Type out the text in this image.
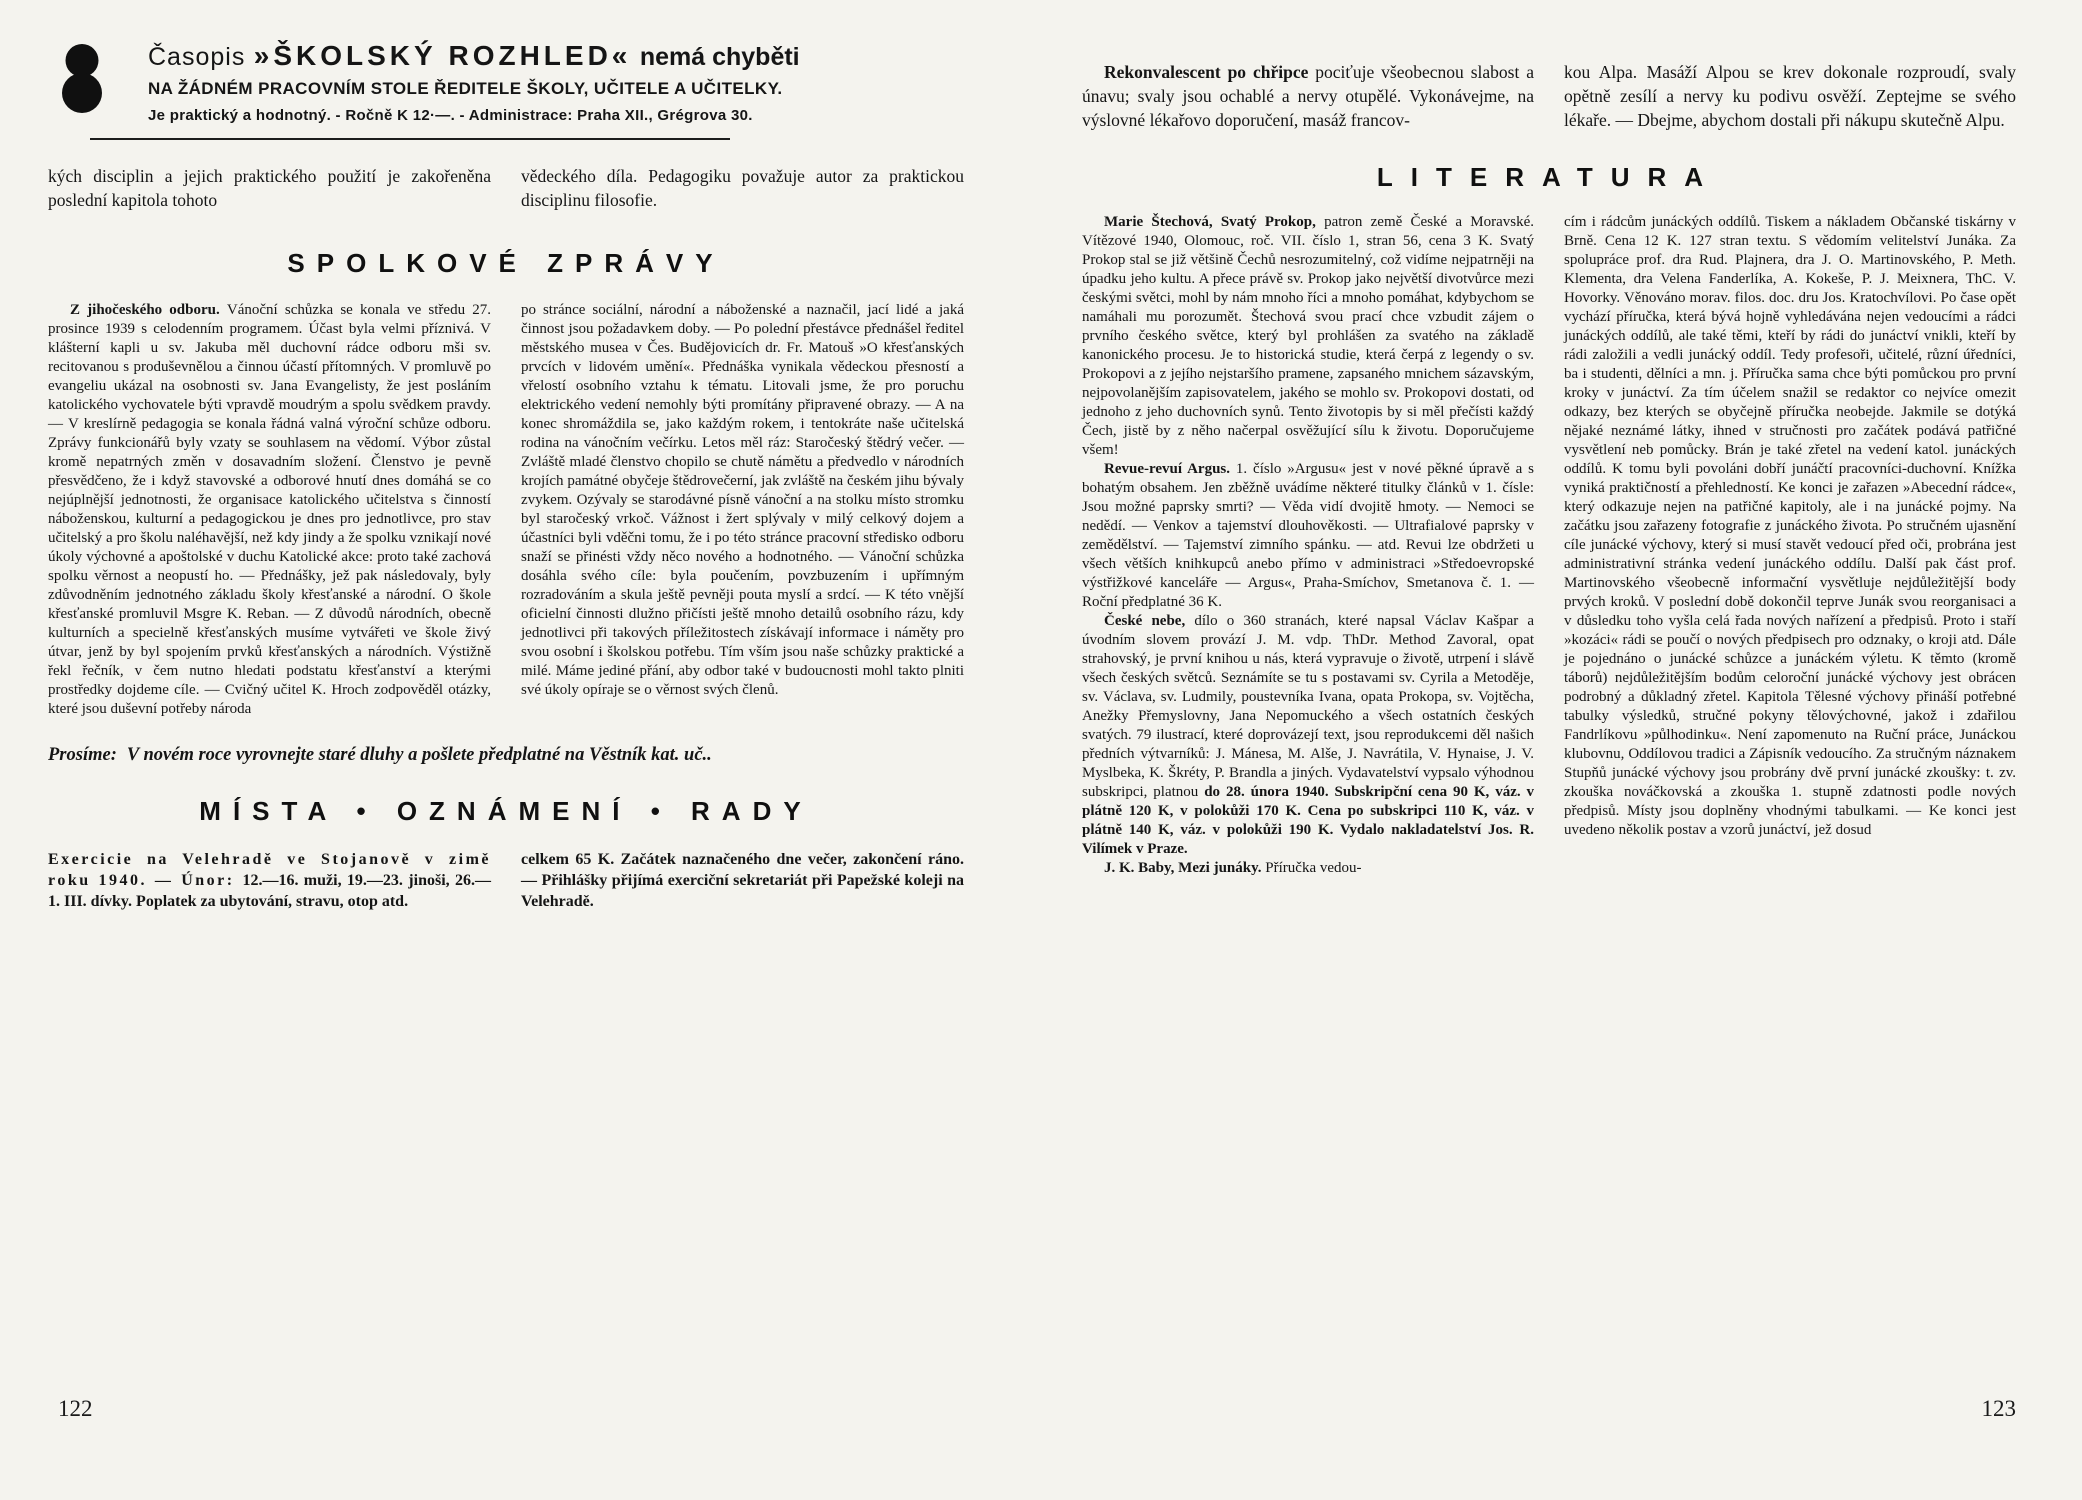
Časopis »ŠKOLSKÝ ROZHLED« nemá chyběti
NA ŽÁDNÉM PRACOVNÍM STOLE ŘEDITELE ŠKOLY, UČITELE A UČITELKY.
Je praktický a hodnotný. - Ročně K 12·—. - Administrace: Praha XII., Grégrova 30.

kých disciplin a jejich praktického použití je zakořeněna poslední kapitola tohoto

vědeckého díla. Pedagogiku považuje autor za praktickou disciplinu filosofie.

SPOLKOVÉ ZPRÁVY

Z jihočeského odboru. Vánoční schůzka se konala ve středu 27. prosince 1939 s celodenním programem. Účast byla velmi příznivá. V klášterní kapli u sv. Jakuba měl duchovní rádce odboru mši sv. recitovanou s produševnělou a činnou účastí přítomných. V promluvě po evangeliu ukázal na osobnosti sv. Jana Evangelisty, že jest posláním katolického vychovatele býti vpravdě moudrým a spolu svědkem pravdy. — V kreslírně pedagogia se konala řádná valná výroční schůze odboru. Zprávy funkcionářů byly vzaty se souhlasem na vědomí. Výbor zůstal kromě nepatrných změn v dosavadním složení. Členstvo je pevně přesvědčeno, že i když stavovské a odborové hnutí dnes domáhá se co nejúplnější jednotnosti, že organisace katolického učitelstva s činností náboženskou, kulturní a pedagogickou je dnes pro jednotlivce, pro stav učitelský a pro školu naléhavější, než kdy jindy a že spolku vznikají nové úkoly výchovné a apoštolské v duchu Katolické akce: proto také zachová spolku věrnost a neopustí ho. — Přednášky, jež pak následovaly, byly zdůvodněním jednotného základu školy křesťanské a národní. O škole křesťanské promluvil Msgre K. Reban. — Z důvodů národních, obecně kulturních a specielně křesťanských musíme vytvářeti ve škole živý útvar, jenž by byl spojením prvků křesťanských a národních. Výstižně řekl řečník, v čem nutno hledati podstatu křesťanství a kterými prostředky dojdeme cíle. — Cvičný učitel K. Hroch zodpověděl otázky, které jsou duševní potřeby národa

po stránce sociální, národní a náboženské a naznačil, jací lidé a jaká činnost jsou požadavkem doby. — Po polední přestávce přednášel ředitel městského musea v Čes. Budějovicích dr. Fr. Matouš »O křesťanských prvcích v lidovém umění«. Přednáška vynikala vědeckou přesností a vřelostí osobního vztahu k tématu. Litovali jsme, že pro poruchu elektrického vedení nemohly býti promítány připravené obrazy. — A na konec shromáždila se, jako každým rokem, i tentokráte naše učitelská rodina na vánočním večírku. Letos měl ráz: Staročeský štědrý večer. — Zvláště mladé členstvo chopilo se chutě námětu a předvedlo v národních krojích památné obyčeje štědrovečerní, jak zvláště na českém jihu bývaly zvykem. Ozývaly se starodávné písně vánoční a na stolku místo stromku byl staročeský vrkoč. Vážnost i žert splývaly v milý celkový dojem a účastníci byli vděčni tomu, že i po této stránce pracovní středisko odboru snaží se přinésti vždy něco nového a hodnotného. — Vánoční schůzka dosáhla svého cíle: byla poučením, povzbuzením i upřímným rozradováním a skula ještě pevněji pouta myslí a srdcí. — K této vnější oficielní činnosti dlužno přičísti ještě mnoho detailů osobního rázu, kdy jednotlivci při takových příležitostech získávají informace i náměty pro svou osobní i školskou potřebu. Tím vším jsou naše schůzky praktické a milé. Máme jediné přání, aby odbor také v budoucnosti mohl takto plniti své úkoly opíraje se o věrnost svých členů.

Prosíme: V novém roce vyrovnejte staré dluhy a pošlete předplatné na Věstník kat. uč..
MÍSTA • OZNÁMENÍ • RADY

Exercicie na Velehradě ve Stojanově v zimě roku 1940. — Únor: 12.—16. muži, 19.—23. jinoši, 26.—1. III. dívky. Poplatek za ubytování, stravu, otop atd.

celkem 65 K. Začátek naznačeného dne večer, zakončení ráno. — Přihlášky přijímá exerciční sekretariát při Papežské koleji na Velehradě.

Rekonvalescent po chřipce pociťuje všeobecnou slabost a únavu; svaly jsou ochablé a nervy otupělé. Vykonávejme, na výslovné lékařovo doporučení, masáž francov-

kou Alpa. Masáží Alpou se krev dokonale rozproudí, svaly opětně zesílí a nervy ku podivu osvěží. Zeptejme se svého lékaře. — Dbejme, abychom dostali při nákupu skutečně Alpu.

LITERATURA

Marie Štechová, Svatý Prokop, patron země České a Moravské. Vítězové 1940, Olomouc, roč. VII. číslo 1, stran 56, cena 3 K. Svatý Prokop stal se již většině Čechů nesrozumitelný, což vidíme nejpatrněji na úpadku jeho kultu. A přece právě sv. Prokop jako největší divotvůrce mezi českými světci, mohl by nám mnoho říci a mnoho pomáhat, kdybychom se namáhali mu porozumět. Štechová svou prací chce vzbudit zájem o prvního českého světce, který byl prohlášen za svatého na základě kanonického procesu. Je to historická studie, která čerpá z legendy o sv. Prokopovi a z jejího nejstaršího pramene, zapsaného mnichem sázavským, nejpovolanějším zapisovatelem, jakého se mohlo sv. Prokopovi dostati, od jednoho z jeho duchovních synů. Tento životopis by si měl přečísti každý Čech, jistě by z něho načerpal osvěžující sílu k životu. Doporučujeme všem!

Revue-revuí Argus. 1. číslo »Argusu« jest v nové pěkné úpravě a s bohatým obsahem. Jen zběžně uvádíme některé titulky článků v 1. čísle: Jsou možné paprsky smrti? — Věda vidí dvojitě hmoty. — Nemoci se nedědí. — Venkov a tajemství dlouhověkosti. — Ultrafialové paprsky v zemědělství. — Tajemství zimního spánku. — atd. Revui lze obdržeti u všech větších knihkupců anebo přímo v administraci »Středoevropské výstřižkové kanceláře — Argus«, Praha-Smíchov, Smetanova č. 1. — Roční předplatné 36 K.

České nebe, dílo o 360 stranách, které napsal Václav Kašpar a úvodním slovem provází J. M. vdp. ThDr. Method Zavoral, opat strahovský, je první knihou u nás, která vypravuje o životě, utrpení i slávě všech českých světců. Seznámíte se tu s postavami sv. Cyrila a Metoděje, sv. Václava, sv. Ludmily, poustevníka Ivana, opata Prokopa, sv. Vojtěcha, Anežky Přemyslovny, Jana Nepomuckého a všech ostatních českých svatých. 79 ilustrací, které doprovázejí text, jsou reprodukcemi děl našich předních výtvarníků: J. Mánesa, M. Alše, J. Navrátila, V. Hynaise, J. V. Myslbeka, K. Škréty, P. Brandla a jiných. Vydavatelství vypsalo výhodnou subskripci, platnou do 28. února 1940. Subskripční cena 90 K, váz. v plátně 120 K, v polokůži 170 K. Cena po subskripci 110 K, váz. v plátně 140 K, váz. v polokůži 190 K. Vydalo nakladatelství Jos. R. Vilímek v Praze.

J. K. Baby, Mezi junáky. Příručka vedou-

cím i rádcům junáckých oddílů. Tiskem a nákladem Občanské tiskárny v Brně. Cena 12 K. 127 stran textu. S vědomím velitelství Junáka. Za spolupráce prof. dra Rud. Plajnera, dra J. O. Martinovského, P. Meth. Klementa, dra Velena Fanderlíka, A. Kokeše, P. J. Meixnera, ThC. V. Hovorky. Věnováno morav. filos. doc. dru Jos. Kratochvílovi. Po čase opět vychází příručka, která bývá hojně vyhledávána nejen vedoucími a rádci junáckých oddílů, ale také těmi, kteří by rádi do junáctví vnikli, kteří by rádi založili a vedli junácký oddíl. Tedy profesoři, učitelé, různí úředníci, ba i studenti, dělníci a mn. j. Příručka sama chce býti pomůckou pro první kroky v junáctví. Za tím účelem snažil se redaktor co nejvíce omezit odkazy, bez kterých se obyčejně příručka neobejde. Jakmile se dotýká nějaké neznámé látky, ihned v stručnosti pro začátek podává patřičné vysvětlení neb pomůcky. Brán je také zřetel na vedení katol. junáckých oddílů. K tomu byli povoláni dobří junáčtí pracovníci-duchovní. Knížka vyniká praktičností a přehledností. Ke konci je zařazen »Abecední rádce«, který odkazuje nejen na patřičné kapitoly, ale i na junácké pojmy. Na začátku jsou zařazeny fotografie z junáckého života. Po stručném ujasnění cíle junácké výchovy, který si musí stavět vedoucí před oči, probrána jest administrativní stránka vedení junáckého oddílu. Další pak část prof. Martinovského všeobecně informační vysvětluje nejdůležitější body prvých kroků. V poslední době dokončil teprve Junák svou reorganisaci a v důsledku toho vyšla celá řada nových nařízení a předpisů. Proto i staří »kozáci« rádi se poučí o nových předpisech pro odznaky, o kroji atd. Dále je pojednáno o junácké schůzce a junáckém výletu. K těmto (kromě táborů) nejdůležitějším bodům celoroční junácké výchovy jest obrácen podrobný a důkladný zřetel. Kapitola Tělesné výchovy přináší potřebné tabulky výsledků, stručné pokyny tělovýchovné, jakož i zdařilou Fandrlíkovu »půlhodinku«. Není zapomenuto na Ruční práce, Junáckou klubovnu, Oddílovou tradici a Zápisník vedoucího. Za stručným náznakem Stupňů junácké výchovy jsou probrány dvě první junácké zkoušky: t. zv. zkouška nováčkovská a zkouška 1. stupně zdatnosti podle nových předpisů. Místy jsou doplněny vhodnými tabulkami. — Ke konci jest uvedeno několik postav a vzorů junáctví, jež dosud

122	123
